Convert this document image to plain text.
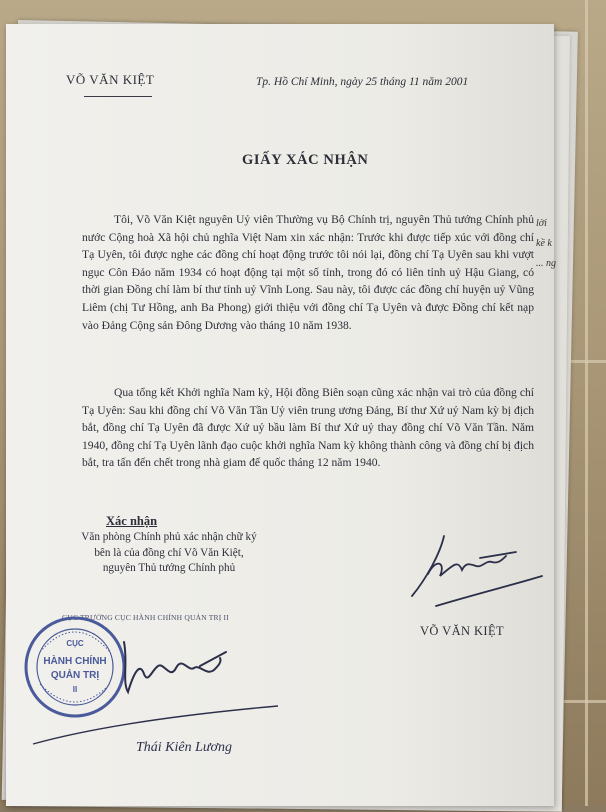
VÕ VĂN KIỆT	Tp. Hồ Chí Minh, ngày 25 tháng 11 năm 2001
GIẤY XÁC NHẬN

Tôi, Võ Văn Kiệt nguyên Uỷ viên Thường vụ Bộ Chính trị, nguyên Thủ tướng Chính phủ nước Cộng hoà Xã hội chủ nghĩa Việt Nam xin xác nhận: Trước khi được tiếp xúc với đồng chí Tạ Uyên, tôi được nghe các đồng chí hoạt động trước tôi nói lại, đồng chí Tạ Uyên sau khi vượt ngục Côn Đảo năm 1934 có hoạt động tại một số tỉnh, trong đó có liên tỉnh uỷ Hậu Giang, có thời gian Đồng chí làm bí thư tỉnh uỷ Vĩnh Long. Sau này, tôi được các đồng chí huyện uỷ Vũng Liêm (chị Tư Hồng, anh Ba Phong) giới thiệu với đồng chí Tạ Uyên và được Đồng chí kết nạp vào Đảng Cộng sản Đông Dương vào tháng 10 năm 1938.

Qua tổng kết Khởi nghĩa Nam kỳ, Hội đồng Biên soạn cũng xác nhận vai trò của đồng chí Tạ Uyên: Sau khi đồng chí Võ Văn Tần Uỷ viên trung ương Đảng, Bí thư Xứ uỷ Nam kỳ bị địch bắt, đồng chí Tạ Uyên đã được Xứ uỷ bầu làm Bí thư Xứ uỷ thay đồng chí Võ Văn Tần. Năm 1940, đồng chí Tạ Uyên lãnh đạo cuộc khởi nghĩa Nam kỳ không thành công và đồng chí bị địch bắt, tra tấn đến chết trong nhà giam đế quốc tháng 12 năm 1940.

Xác nhận

Văn phòng Chính phủ xác nhận chữ ký bên là của đồng chí Võ Văn Kiệt, nguyên Thủ tướng Chính phủ

CỤC TRƯỞNG CỤC HÀNH CHÍNH QUẢN TRỊ II
CỤC
HÀNH CHÍNH
QUẢN TRỊ
II
Thái Kiên Lương
VÕ VĂN KIỆT
lời kề k ... ng
